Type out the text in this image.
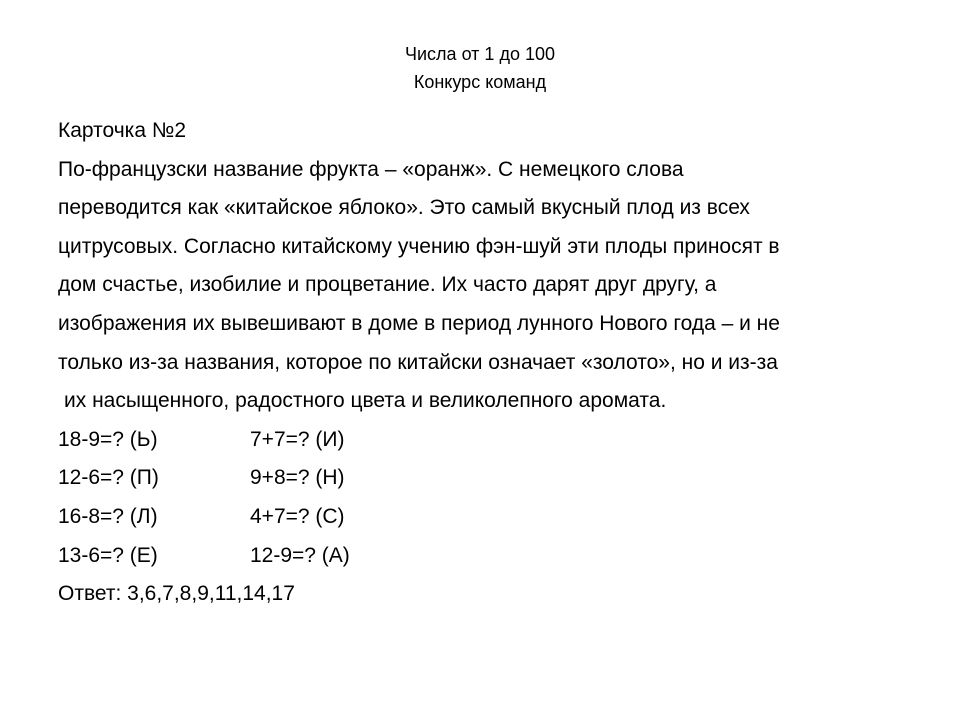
Числа от 1 до 100
Конкурс команд
Карточка №2
По-французски название фрукта – «оранж». С немецкого слова
переводится как «китайское яблоко». Это самый вкусный плод из всех
цитрусовых. Согласно китайскому учению фэн-шуй эти плоды приносят в
дом счастье, изобилие и процветание. Их часто дарят друг другу, а
изображения их вывешивают в доме в период лунного Нового года – и не
только из-за названия, которое по китайски означает «золото», но и из-за
их насыщенного, радостного цвета и великолепного аромата.
18-9=? (Ь)	7+7=? (И)
12-6=? (П)	9+8=? (Н)
16-8=? (Л)	4+7=? (С)
13-6=? (Е)	12-9=? (А)
Ответ: 3,6,7,8,9,11,14,17
